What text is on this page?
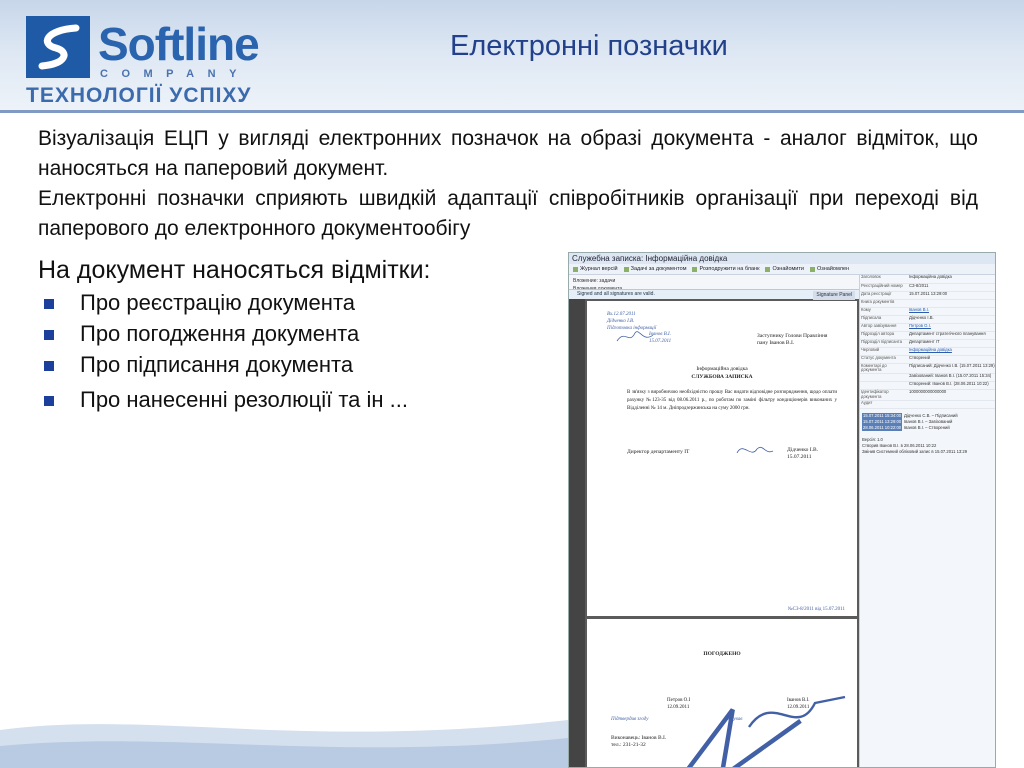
Softline
COMPANY
ТЕХНОЛОГІЇ УСПІХУ
Електронні позначки

Візуалізація ЕЦП у вигляді електронних позначок на образі документа - аналог відміток, що наносяться на паперовий документ.

Електронні позначки сприяють швидкій адаптації співробітників організації при переході від паперового до електронного документообігу

На документ наносяться відмітки:
Про реєстрацію документа
Про погодження документа
Про підписання документа
Про нанесенні резолюції та ін ...
Служебна записка: Інформаційна довідка
Журнал версій Задачі за документом Розподружити на бланк Ознайомити Ознайомлен
Вложение: задачи
Signed and all signatures are valid.	Signature Panel
Вх.12.07.2011
Дідченко І.В.
Підготовка інформації
Іванов В.І.
15.07.2011
Заступнику Голови Правління
пану Іванов В.І.
Інформаційна довідка
СЛУЖБОВА ЗАПИСКА
В зв'язку з виробничою необхідністю прошу Вас видати відповідне розпорядження, щодо оплати рахунку №123-35 від 08.06.2011 р., по роботам по заміні фільтру кондиціонерів виконаних у Відділенні № 14 м. Дніпродзержинська на суму 2000 грн.
Директор департаменту ІТ	Дідченко І.В.
15.07.2011
№СЗ-8/2011 від 15.07.2011
ПОГОДЖЕНО
Петров О.І
12.09.2011
Іванов В.І.
12.09.2011
Підтвердив згоду	Візував
Виконавець: Іванов В.І.
тел.: 231-21-32
Заголовок	Інформаційна довідка
Реєстраційний номер	СЗ-8/2011
Дата реєстрації	15.07.2011 13:29:00
Книга документів	
Кому	Іванов В.І.
Підписала	Дідченко І.В.
Автор завізування	Петров О.І.
Підрозділ автора	Департамент стратегічного планування
Підрозділ підписанта	Департамент ІТ
Черговий	Інформаційна довідка
Статус документа	Створений
Коментарі до документа	Підписаний: Дідченко І.В. (15.07.2011 13:29)
	Завізований: Іванов В.І. (15.07.2011 15:34)
	Створений: Іванов В.І. (28.06.2011 10:22)
Ідентифікатор документа	1000000000000000
Аудит	
15.07.2011 15:34:00 Дідченко С.В. – Підписаний
15.07.2011 13:29:00 Іванов В.І. – Завізований
28.06.2011 10:22:00 Іванов В.І. – Створений
Версія: 1.0
Створив Іванов В.І. в 28.06.2011 10:22
Змінив Системний обліковий запис в 15.07.2011 13:29
